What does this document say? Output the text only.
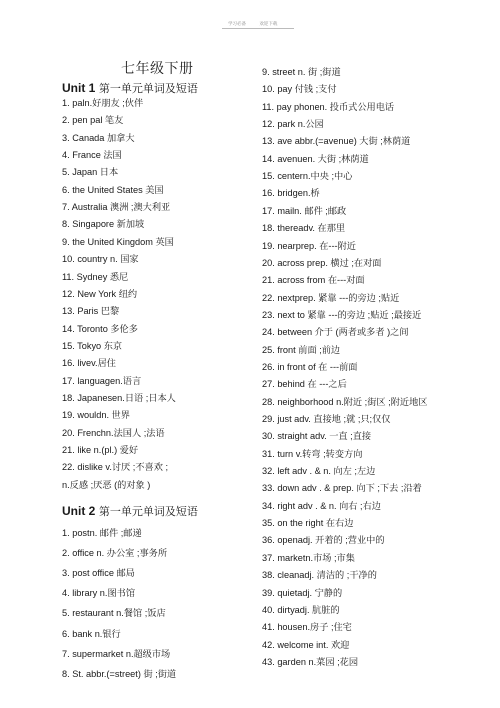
学习必备	欢迎下载
七年级下册
Unit 1 第一单元单词及短语
1. paln.好朋友 ;伙伴
2. pen pal 笔友
3. Canada 加拿大
4. France 法国
5. Japan 日本
6. the United States 美国
7. Australia 澳洲 ;澳大利亚
8. Singapore 新加坡
9. the United Kingdom 英国
10. country n. 国家
11. Sydney 悉尼
12. New York 纽约
13. Paris 巴黎
14. Toronto 多伦多
15. Tokyo 东京
16. livev.居住
17. languagen.语言
18. Japanesen.日语 ;日本人
19. wouldn. 世界
20. Frenchn.法国人 ;法语
21. like n.(pl.) 爱好
22. dislike v.讨厌 ;不喜欢 ;
n.反感 ;厌恶 (的对象 )
Unit 2 第一单元单词及短语
1. postn. 邮件 ;邮递
2. office n. 办公室 ;事务所
3. post office 邮局
4. library n.图书馆
5. restaurant n.餐馆 ;饭店
6. bank n.银行
7. supermarket n.超级市场
8. St. abbr.(=street) 街 ;街道
9. street n. 街 ;街道
10. pay 付钱 ;支付
11. pay phonen. 投币式公用电话
12. park n.公园
13. ave abbr.(=avenue) 大街 ;林荫道
14. avenuen. 大街 ;林荫道
15. centern.中央 ;中心
16. bridgen.桥
17. mailn. 邮件 ;邮政
18. thereadv. 在那里
19. nearprep. 在---附近
20. across prep. 横过 ;在对面
21. across from 在---对面
22. nextprep. 紧靠 ---的旁边 ;贴近
23. next to 紧靠 ---的旁边 ;贴近 ;最接近
24. between 介于 (两者或多者 )之间
25. front 前面 ;前边
26. in front of 在 ---前面
27. behind 在 ---之后
28. neighborhood n.附近 ;街区 ;附近地区
29. just adv. 直接地 ;就 ;只;仅仅
30. straight adv. 一直 ;直接
31. turn v.转弯 ;转变方向
32. left adv . & n. 向左 ;左边
33. down adv . & prep. 向下 ;下去 ;沿着
34. right adv . & n. 向右 ;右边
35. on the right 在右边
36. openadj. 开着的 ;营业中的
37. marketn.市场 ;市集
38. cleanadj. 清洁的 ;干净的
39. quietadj. 宁静的
40. dirtyadj. 肮脏的
41. housen.房子 ;住宅
42. welcome int. 欢迎
43. garden n.菜园 ;花园
